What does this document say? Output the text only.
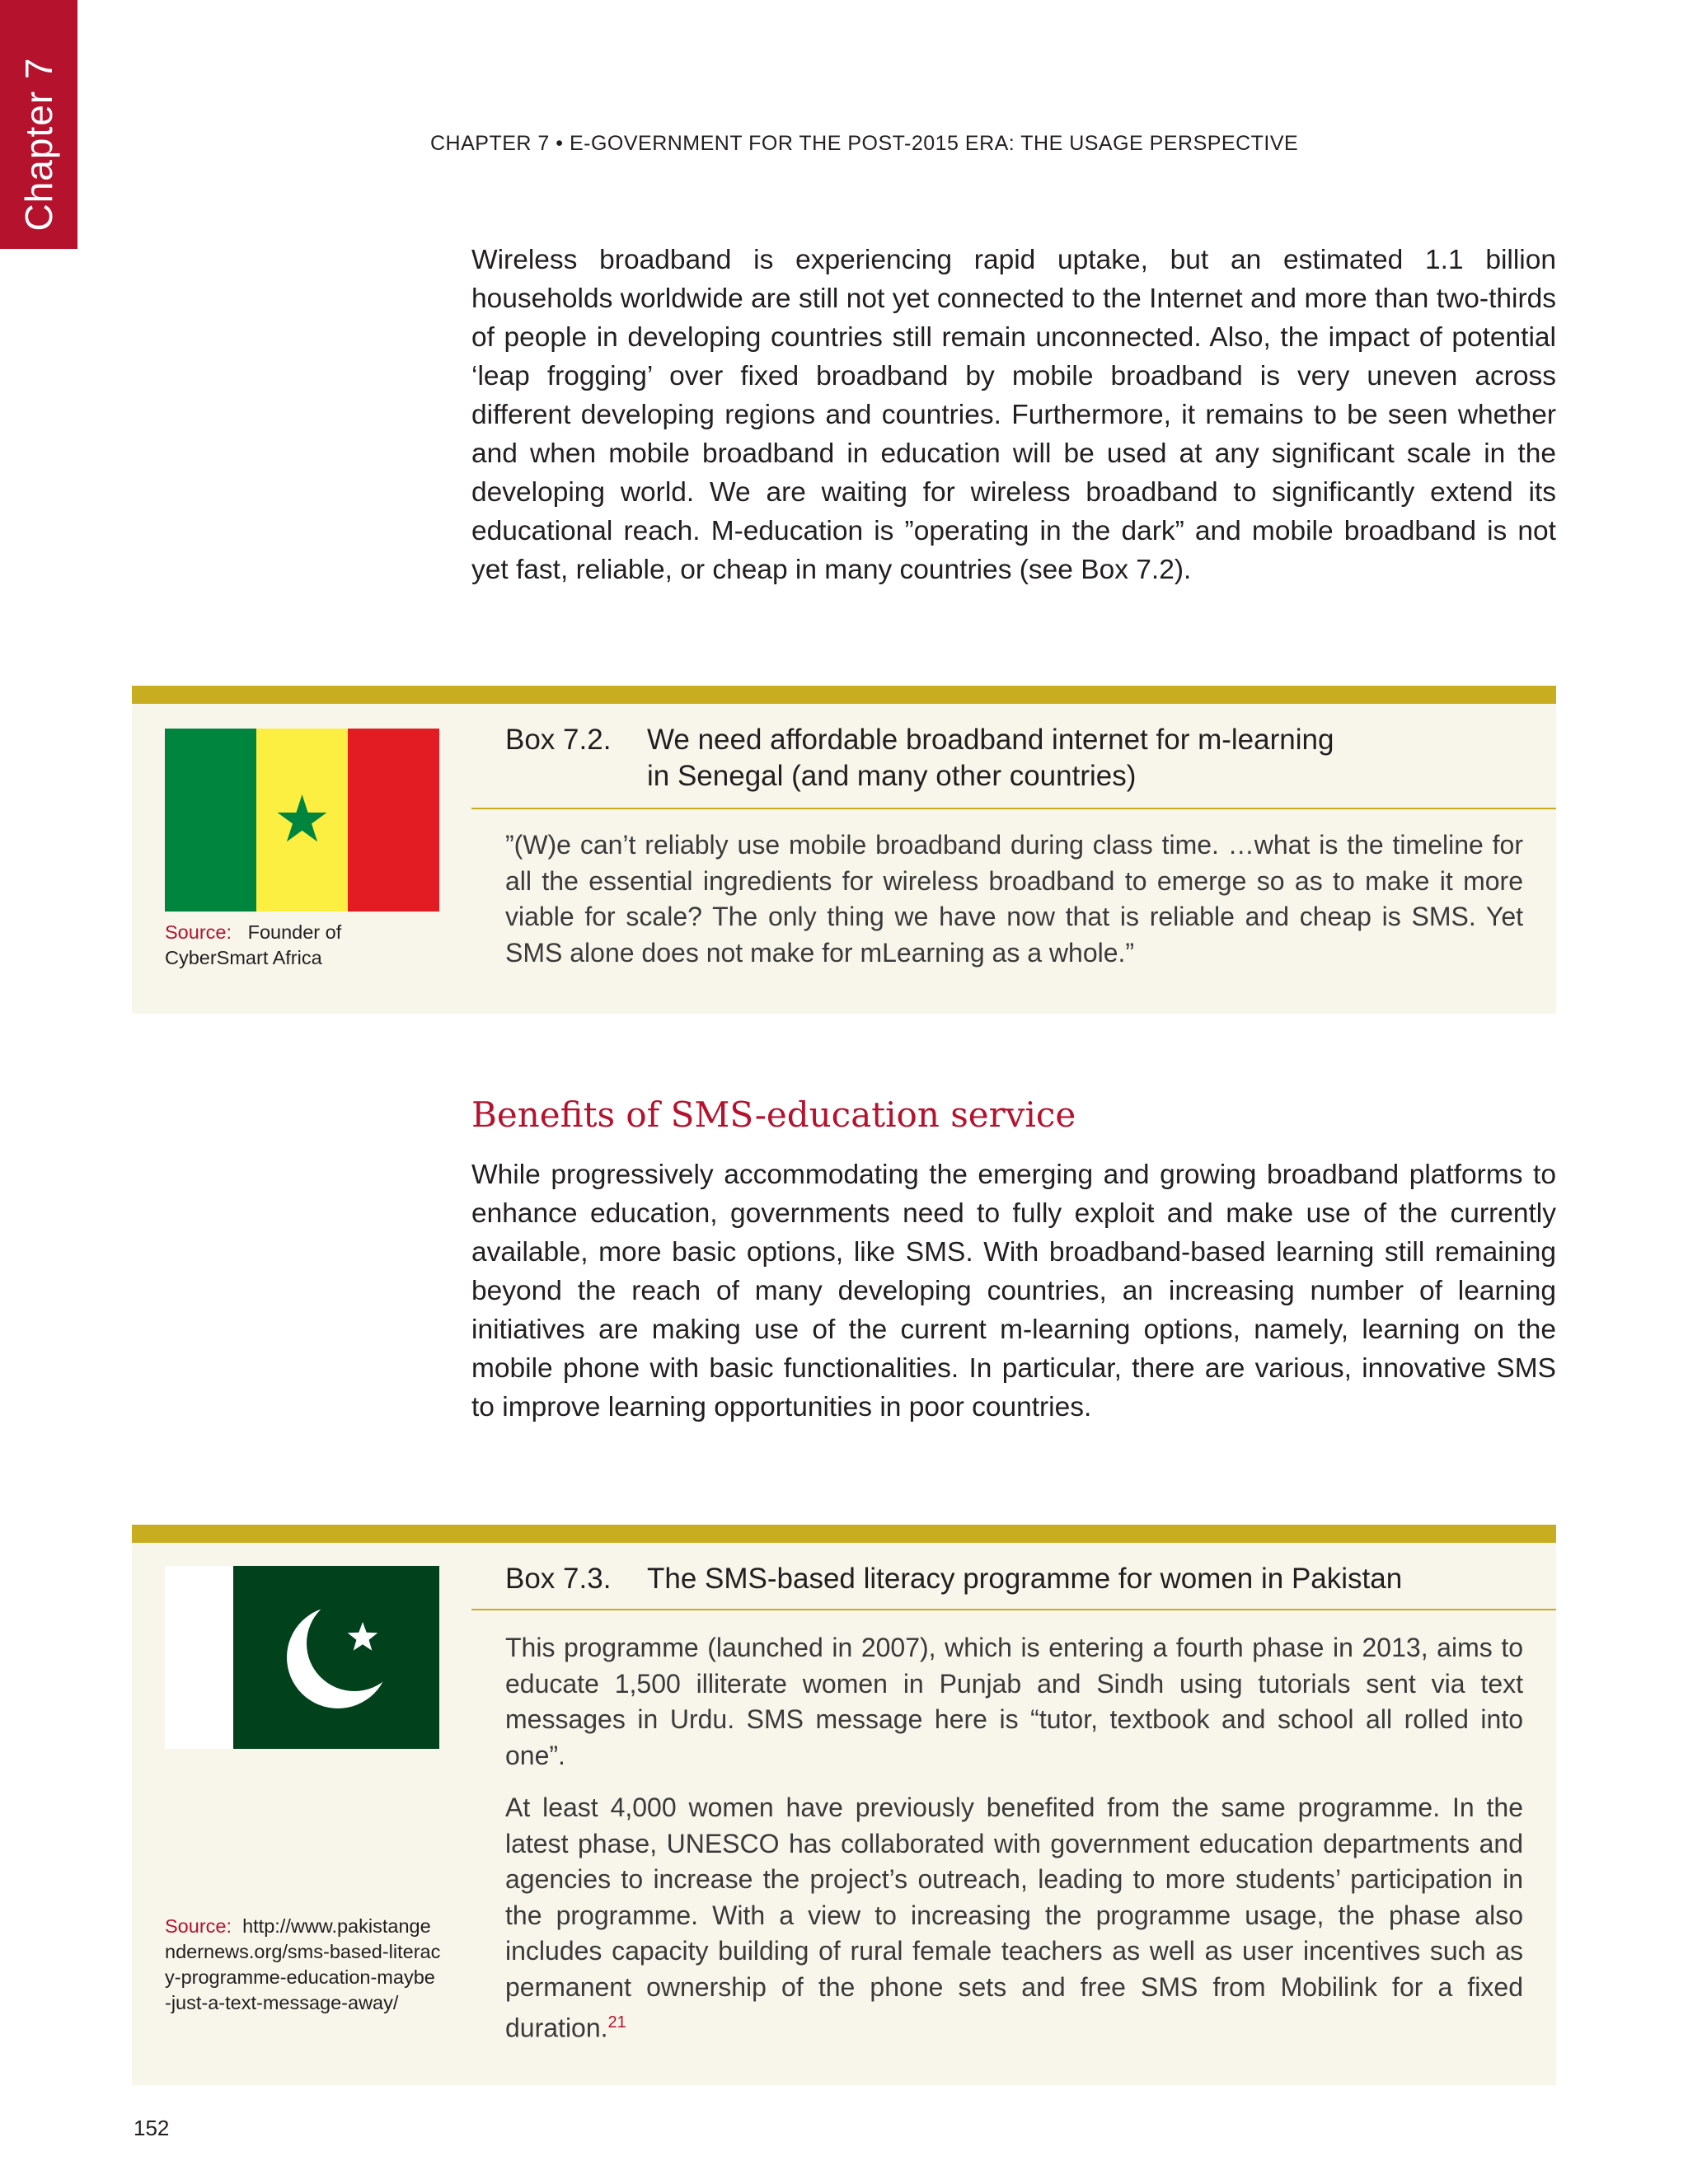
Chapter 7	CHAPTER 7 • E-GOVERNMENT FOR THE POST-2015 ERA: THE USAGE PERSPECTIVE
Wireless broadband is experiencing rapid uptake, but an estimated 1.1 billion households worldwide are still not yet connected to the Internet and more than two-thirds of people in developing countries still remain unconnected. Also, the impact of potential ‘leap frogging’ over fixed broadband by mobile broadband is very uneven across different developing regions and countries. Furthermore, it remains to be seen whether and when mobile broadband in education will be used at any significant scale in the developing world. We are waiting for wireless broadband to significantly extend its educational reach. M-education is ”operating in the dark” and mobile broadband is not yet fast, reliable, or cheap in many countries (see Box 7.2).
Source: Founder of CyberSmart Africa
Box 7.2. We need affordable broadband internet for m-learning
in Senegal (and many other countries)
”(W)e can’t reliably use mobile broadband during class time. …what is the timeline for all the essential ingredients for wireless broadband to emerge so as to make it more viable for scale? The only thing we have now that is reliable and cheap is SMS. Yet SMS alone does not make for mLearning as a whole.”
Benefits of SMS-education service
While progressively accommodating the emerging and growing broadband platforms to enhance education, governments need to fully exploit and make use of the currently available, more basic options, like SMS. With broadband-based learning still remaining beyond the reach of many developing countries, an increasing number of learning initiatives are making use of the current m-learning options, namely, learning on the mobile phone with basic functionalities. In particular, there are various, innovative SMS to improve learning opportunities in poor countries.
Source: http://www.pakistangendernews.org/sms-based-literacy-programme-education-maybe-just-a-text-message-away/
Box 7.3. The SMS-based literacy programme for women in Pakistan

This programme (launched in 2007), which is entering a fourth phase in 2013, aims to educate 1,500 illiterate women in Punjab and Sindh using tutorials sent via text messages in Urdu. SMS message here is “tutor, textbook and school all rolled into one”.

At least 4,000 women have previously benefited from the same programme. In the latest phase, UNESCO has collaborated with government education departments and agencies to increase the project’s outreach, leading to more students’ participation in the programme. With a view to increasing the programme usage, the phase also includes capacity building of rural female teachers as well as user incentives such as permanent ownership of the phone sets and free SMS from Mobilink for a fixed duration.$^{21}$

152
